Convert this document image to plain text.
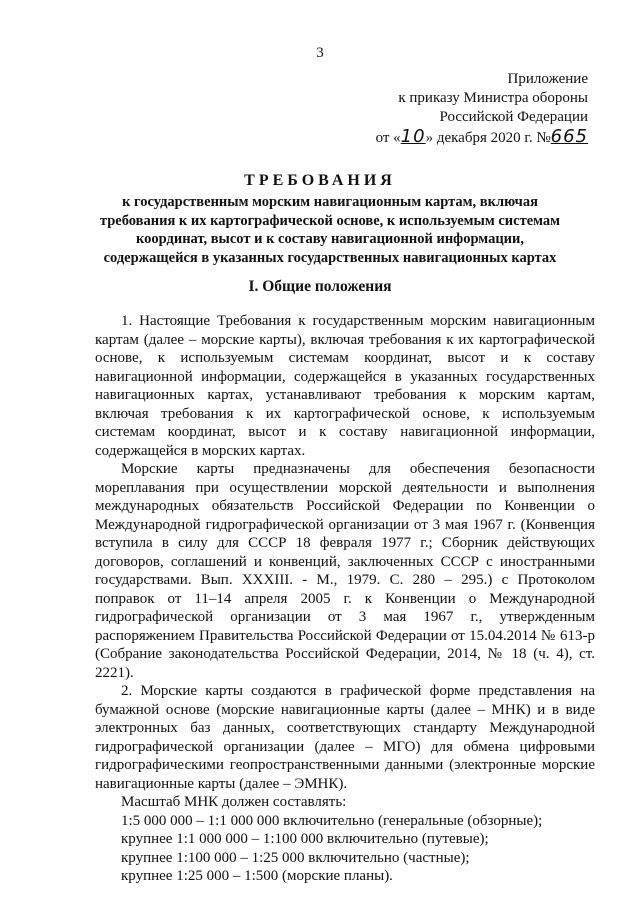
3
Приложение
к приказу Министра обороны
Российской Федерации
от «10» декабря 2020 г. №665
ТРЕБОВАНИЯ
к государственным морским навигационным картам, включая
требования к их картографической основе, к используемым системам
координат, высот и к составу навигационной информации,
содержащейся в указанных государственных навигационных картах
I. Общие положения

1. Настоящие Требования к государственным морским навигационным картам (далее – морские карты), включая требования к их картографической основе, к используемым системам координат, высот и к составу навигационной информации, содержащейся в указанных государственных навигационных картах, устанавливают требования к морским картам, включая требования к их картографической основе, к используемым системам координат, высот и к составу навигационной информации, содержащейся в морских картах.

Морские карты предназначены для обеспечения безопасности мореплавания при осуществлении морской деятельности и выполнения международных обязательств Российской Федерации по Конвенции о Международной гидрографической организации от 3 мая 1967 г. (Конвенция вступила в силу для СССР 18 февраля 1977 г.; Сборник действующих договоров, соглашений и конвенций, заключенных СССР с иностранными государствами. Вып. XXXIII. - М., 1979. С. 280 – 295.) с Протоколом поправок от 11–14 апреля 2005 г. к Конвенции о Международной гидрографической организации от 3 мая 1967 г., утвержденным распоряжением Правительства Российской Федерации от 15.04.2014 № 613-р (Собрание законодательства Российской Федерации, 2014, № 18 (ч. 4), ст. 2221).

2. Морские карты создаются в графической форме представления на бумажной основе (морские навигационные карты (далее – МНК) и в виде электронных баз данных, соответствующих стандарту Международной гидрографической организации (далее – МГО) для обмена цифровыми гидрографическими геопространственными данными (электронные морские навигационные карты (далее – ЭМНК).

Масштаб МНК должен составлять:

1:5 000 000 – 1:1 000 000 включительно (генеральные (обзорные);
крупнее 1:1 000 000 – 1:100 000 включительно (путевые);
крупнее 1:100 000 – 1:25 000 включительно (частные);
крупнее 1:25 000 – 1:500 (морские планы).
